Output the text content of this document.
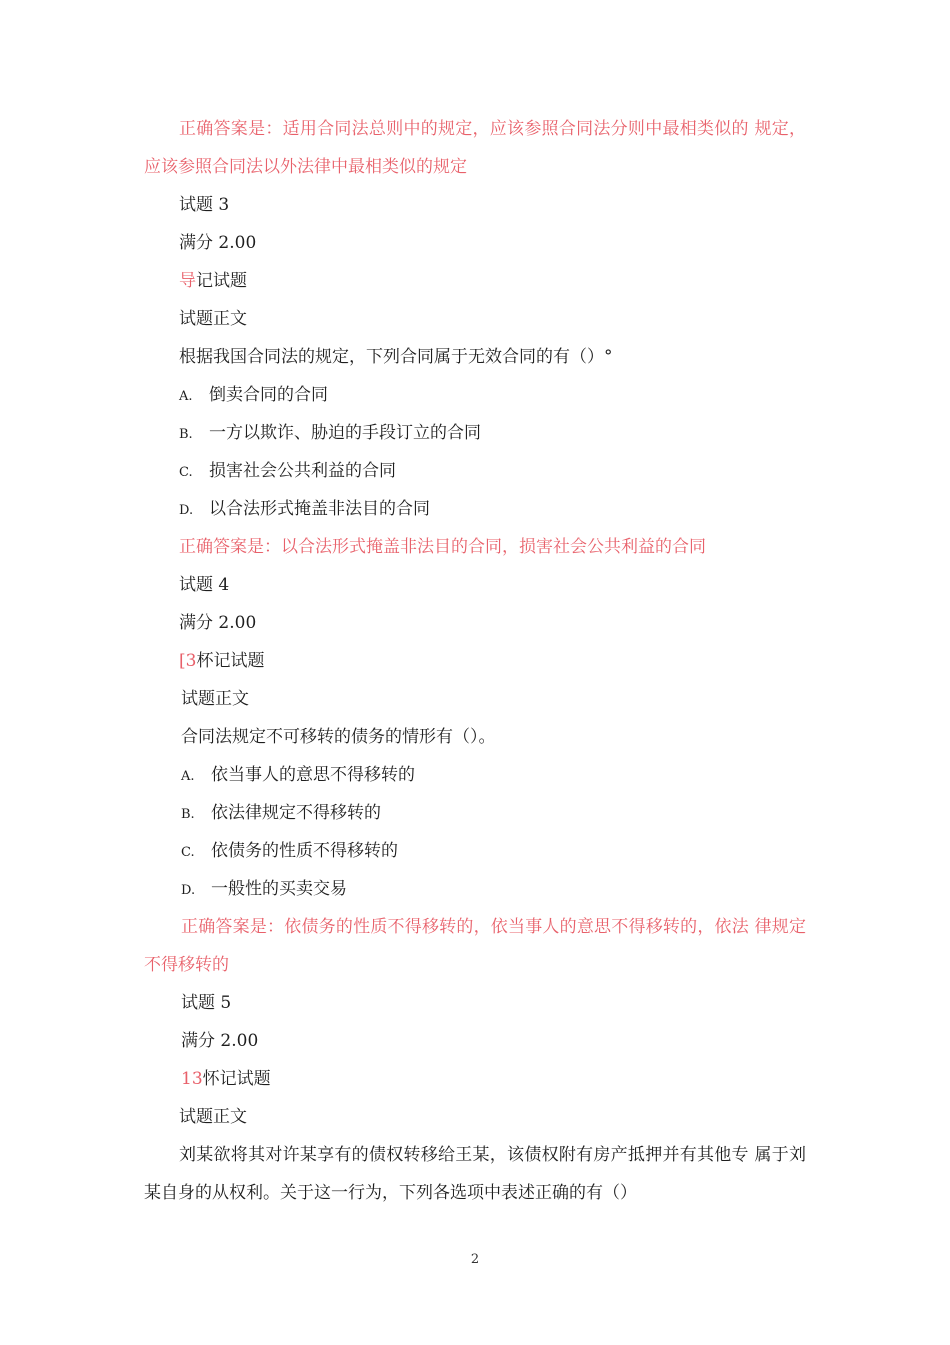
正确答案是：适用合同法总则中的规定，应该参照合同法分则中最相类似的 规定，应该参照合同法以外法律中最相类似的规定
试题 3
满分 2.00
导记试题
试题正文
根据我国合同法的规定，下列合同属于无效合同的有（）°
A. 倒卖合同的合同
B. 一方以欺诈、胁迫的手段订立的合同
C. 损害社会公共利益的合同
D. 以合法形式掩盖非法目的合同
正确答案是：以合法形式掩盖非法目的合同，损害社会公共利益的合同
试题 4
满分 2.00
[3杯记试题
试题正文
合同法规定不可移转的债务的情形有（）。
A. 依当事人的意思不得移转的
B. 依法律规定不得移转的
C. 依债务的性质不得移转的
D. 一般性的买卖交易
正确答案是：依债务的性质不得移转的，依当事人的意思不得移转的，依法 律规定不得移转的
试题 5
满分 2.00
13怀记试题
试题正文
刘某欲将其对许某享有的债权转移给王某，该债权附有房产抵押并有其他专 属于刘某自身的从权利。关于这一行为，下列各选项中表述正确的有（）
2
